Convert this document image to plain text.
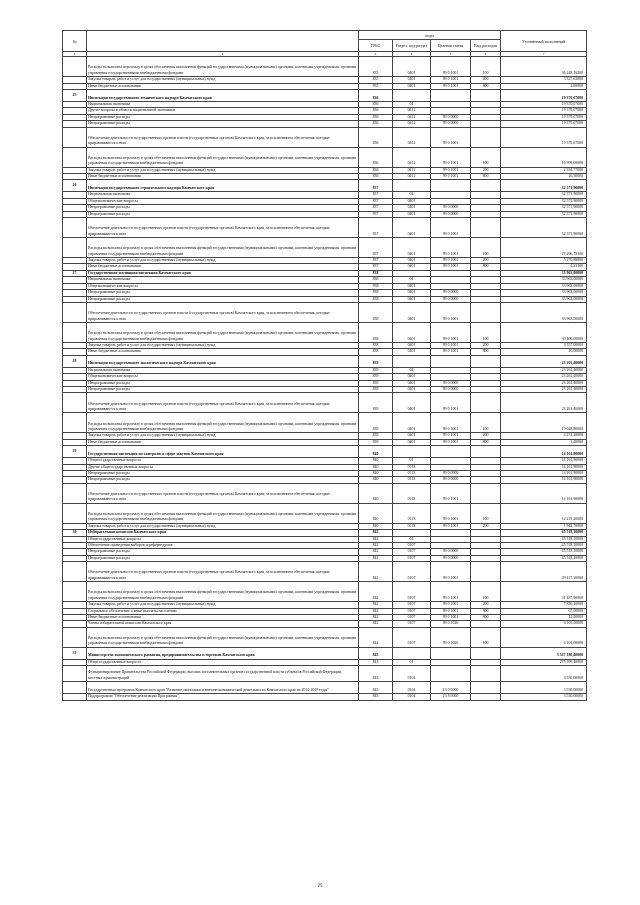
№		коды				Уточнённый исполнений
		ГРБС	Раздел, под-раздел	Целевая статья	Вид расходов	
1	2	3	4	5	6	7
	Расходы на выплаты персоналу в целях обеспечения выполнения функций государственными (муниципальными) органами, казенными учреждениями, органами управления государственными внебюджетными фондами	835	0401	99 0 1001	100	36 248,16200
	Закупка товаров, работ и услуг для государственных (муниципальных) нужд	835	0401	99 0 1001	200	3 327,63800
	Иные бюджетные ассигнования	835	0401	99 0 1001	800	2,00000
25	Инспекция государственного технического надзора Камчатского края	836				19 370,07000
	Национальная экономика	836	04			19 370,07000
	Другие вопросы в области национальной экономики	836	0412			19 370,07000
	Непрограммные расходы	836	0412	99 0 0000		19 370,07000
	Непрограммные расходы	836	0412	99 0 0000		19 370,07000
	Обеспечение деятельности государственных органов власти (государственных органов) Камчатского края, за исключением обеспечения, которые приравниваются к ним	836	0412	99 0 1001		19 370,07000
	Расходы на выплаты персоналу в целях обеспечения выполнения функций государственными (муниципальными) органами, казенными учреждениями, органами управления государственными внебюджетными фондами	836	0412	99 0 1001	100	16 999,00000
	Закупка товаров, работ и услуг для государственных (муниципальных) нужд	836	0412	99 0 1001	200	2 354,77000
	Иные бюджетные ассигнования	836	0412	99 0 1001	800	16,30000
26	Инспекция государственного строительного надзора Камчатского края	837				32 571,90000
	Национальная экономика	837	04			32 571,90000
	Общеэкономические вопросы	837	0401			32 571,90000
	Непрограммные расходы	837	0401	99 0 0000		32 571,90000
	Непрограммные расходы	837	0401	99 0 0000		32 571,90000
	Обеспечение деятельности государственных органов власти (государственных органов) Камчатского края, за исключением обеспечения, которые приравниваются к ним	837	0401	99 0 1001		32 571,90000
	Расходы на выплаты персоналу в целях обеспечения выполнения функций государственными (муниципальными) органами, казенными учреждениями, органами управления государственными внебюджетными фондами	837	0401	99 0 1001	100	27 296,78100
	Закупка товаров, работ и услуг для государственных (муниципальных) нужд	837	0401	99 0 1001	200	5 270,88800
	Иные бюджетные ассигнования	837	0401	99 0 1001	800	4,23100
27	Государственная жилищная инспекция Камчатского края	838				33 963,00000
	Национальная экономика	838	04			33 963,00000
	Общеэкономические вопросы	838	0401			33 963,00000
	Непрограммные расходы	838	0401	99 0 0000		33 963,00000
	Непрограммные расходы	838	0401	99 0 0000		33 963,00000
	Обеспечение деятельности государственных органов власти (государственных органов) Камчатского края, за исключением обеспечения, которые приравниваются к ним	838	0401	99 0 1001		33 963,00000
	Расходы на выплаты персоналу в целях обеспечения выполнения функций государственными (муниципальными) органами, казенными учреждениями, органами управления государственными внебюджетными фондами	838	0401	99 0 1001	100	30 406,00000
	Закупка товаров, работ и услуг для государственных (муниципальных) нужд	838	0401	99 0 1001	200	3 557,00000
	Иные бюджетные ассигнования	838	0401	99 0 1001	800	10,00000
28	Инспекция государственного экологического надзора Камчатского края	839				23 261,40000
	Национальная экономика	839	04			23 261,40000
	Общеэкономические вопросы	839	0401			23 261,40000
	Непрограммные расходы	839	0401	99 0 0000		23 261,40000
	Непрограммные расходы	839	0401	99 0 0000		23 261,40000
	Обеспечение деятельности государственных органов власти (государственных органов) Камчатского края, за исключением обеспечения, которые приравниваются к ним	839	0401	99 0 1001		23 261,40000
	Расходы на выплаты персоналу в целях обеспечения выполнения функций государственными (муниципальными) органами, казенными учреждениями, органами управления государственными внебюджетными фондами	839	0401	99 0 1001	100	19 028,80000
	Закупка товаров, работ и услуг для государственных (муниципальных) нужд	839	0401	99 0 1001	200	4 231,20000
	Иные бюджетные ассигнования	839	0401	99 0 1001	800	1,40000
29	Государственная инспекция по контролю в сфере закупок Камчатского края	840				14 161,90000
	Общегосударственные вопросы	840	01			14 161,90000
	Другие общегосударственные вопросы	840	0113			14 161,90000
	Непрограммные расходы	840	0113	99 0 0000		14 161,90000
	Непрограммные расходы	840	0113	99 0 0000		14 161,90000
	Обеспечение деятельности государственных органов власти (государственных органов) Камчатского края, за исключением обеспечения, которые приравниваются к ним	840	0113	99 0 1001		14 161,90000
	Расходы на выплаты персоналу в целях обеспечения выполнения функций государственными (муниципальными) органами, казенными учреждениями, органами управления государственными внебюджетными фондами	840	0113	99 0 1001	100	12 219,20000
	Закупка товаров, работ и услуг для государственных (муниципальных) нужд	840	0113	99 0 1001	200	1 942,70000
30	Избирательная комиссия Камчатского края	842				45 518,10000
	Общегосударственные вопросы	842	01			45 518,10000
	Обеспечение проведения выборов и референдумов	842	0107			45 518,10000
	Непрограммные расходы	842	0107	99 0 0000		45 518,10000
	Непрограммные расходы	842	0107	99 0 0000		45 518,10000
	Обеспечение деятельности государственных органов власти (государственных органов) Камчатского края, за исключением обеспечения, которые приравниваются к ним	842	0107	99 0 1001		39 417,10000
	Расходы на выплаты персоналу в целях обеспечения выполнения функций государственными (муниципальными) органами, казенными учреждениями, органами управления государственными внебюджетными фондами	842	0107	99 0 1001	100	31 487,90000
	Закупка товаров, работ и услуг для государственных (муниципальных) нужд	842	0107	99 0 1001	200	7 850,10000
	Социальное обеспечение и иные выплаты населению	842	0107	99 0 1001	300	67,00000
	Иные бюджетные ассигнования	842	0107	99 0 1001	800	12,00000
	Члены избирательной комиссии Камчатского края	842	0107	99 0 1026		6 101,00000
	Расходы на выплаты персоналу в целях обеспечения выполнения функций государственными (муниципальными) органами, казенными учреждениями, органами управления государственными внебюджетными фондами	842	0107	99 0 1026	100	6 101,00000
31	Министерство экономического развития, предпринимательства и торговли Камчатского края	843				3 537 180,40000
	Общегосударственные вопросы	843	01			275 599,40000
	Функционирование Правительства Российской Федерации, высших исполнительных органов государственной власти субъектов Российской Федерации, местных администраций	843	0104			3 530,00000
	Государственная программа Камчатского края "Развитие экономики и внешнеэкономической деятельности Камчатского края на 2014-2018 годы"	843	0104	13 0 0000		3 530,00000
	Подпрограмма "Обеспечение реализации Программы"	843	0104	13 8 0000		3 530,00000
25
